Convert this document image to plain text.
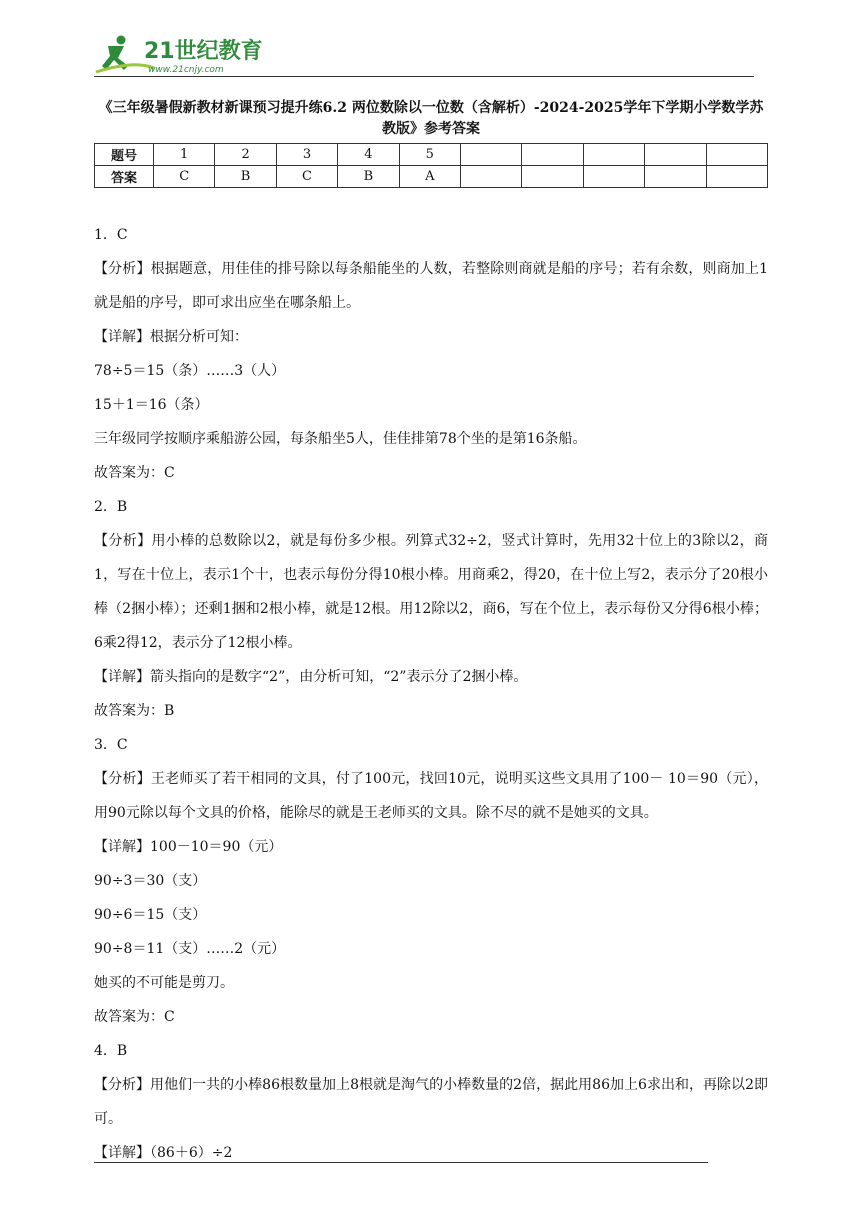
21世纪教育
www.21cnjy.com
《三年级暑假新教材新课预习提升练6.2 两位数除以一位数（含解析）-2024-2025学年下学期小学数学苏教版》参考答案
题号	1	2	3	4	5					
答案	C	B	C	B	A					

1．C

【分析】根据题意，用佳佳的排号除以每条船能坐的人数，若整除则商就是船的序号；若有余数，则商加上1就是船的序号，即可求出应坐在哪条船上。

【详解】根据分析可知：

78÷5＝15（条）……3（人）

15＋1＝16（条）

三年级同学按顺序乘船游公园，每条船坐5人，佳佳排第78个坐的是第16条船。

故答案为：C

2．B

【分析】用小棒的总数除以2，就是每份多少根。列算式32÷2，竖式计算时，先用32十位上的3除以2，商1，写在十位上，表示1个十，也表示每份分得10根小棒。用商乘2，得20，在十位上写2，表示分了20根小棒（2捆小棒）；还剩1捆和2根小棒，就是12根。用12除以2，商6，写在个位上，表示每份又分得6根小棒；6乘2得12，表示分了12根小棒。

【详解】箭头指向的是数字“2”，由分析可知，“2”表示分了2捆小棒。

故答案为：B

3．C

【分析】王老师买了若干相同的文具，付了100元，找回10元，说明买这些文具用了100－ 10＝90（元），用90元除以每个文具的价格，能除尽的就是王老师买的文具。除不尽的就不是她买的文具。

【详解】100－10＝90（元）

90÷3＝30（支）

90÷6＝15（支）

90÷8＝11（支）……2（元）

她买的不可能是剪刀。

故答案为：C

4．B

【分析】用他们一共的小棒86根数量加上8根就是淘气的小棒数量的2倍，据此用86加上6求出和，再除以2即可。

【详解】（86＋6）÷2
